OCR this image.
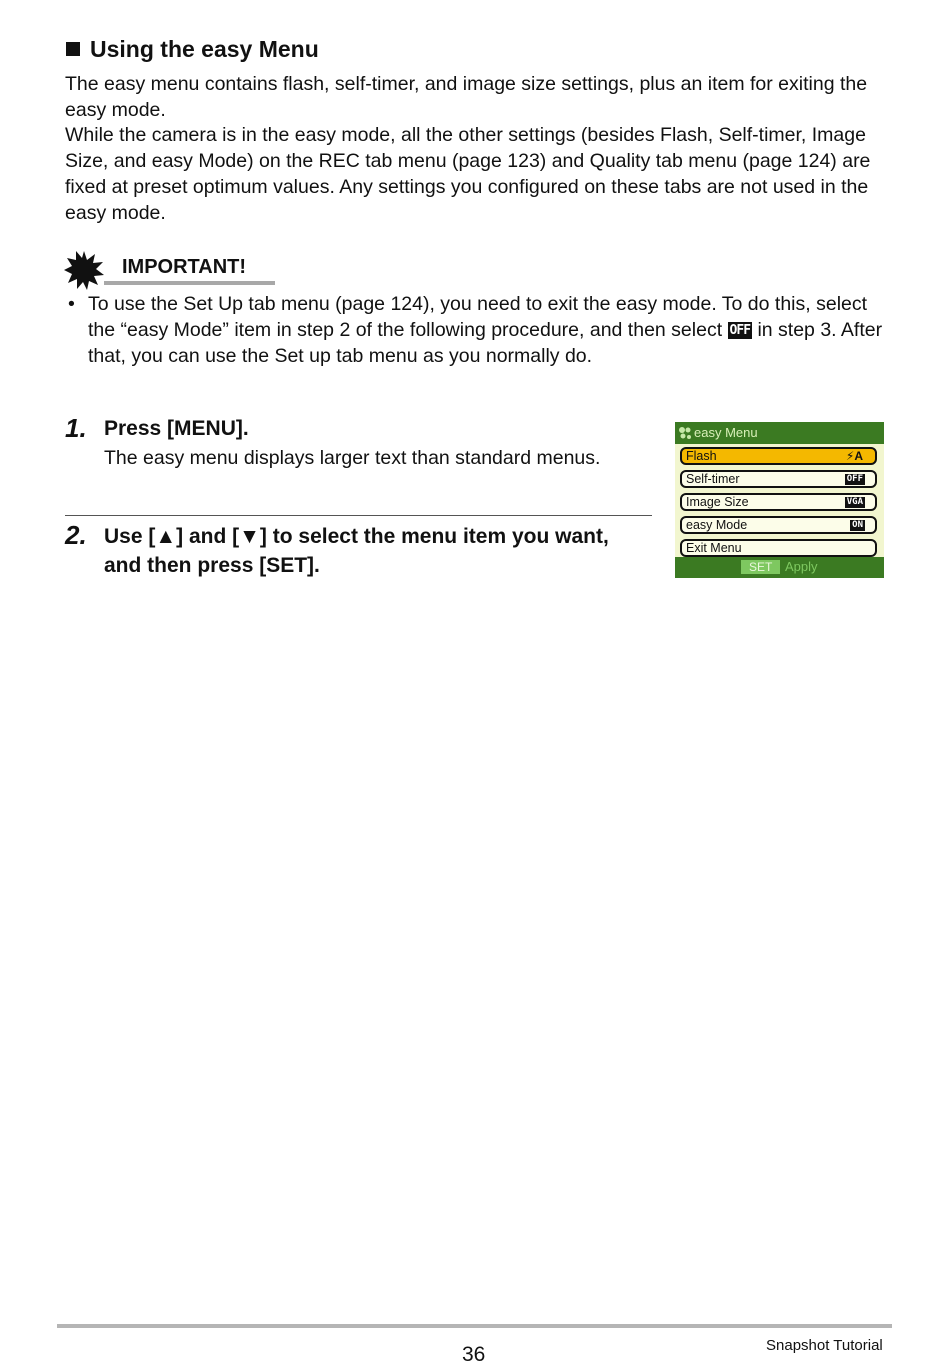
Using the easy Menu
The easy menu contains flash, self-timer, and image size settings, plus an item for exiting the easy mode.
While the camera is in the easy mode, all the other settings (besides Flash, Self-timer, Image Size, and easy Mode) on the REC tab menu (page 123) and Quality tab menu (page 124) are fixed at preset optimum values. Any settings you configured on these tabs are not used in the easy mode.
IMPORTANT!
• To use the Set Up tab menu (page 124), you need to exit the easy mode. To do this, select the “easy Mode” item in step 2 of the following procedure, and then select OFF in step 3. After that, you can use the Set up tab menu as you normally do.
1. Press [MENU].
The easy menu displays larger text than standard menus.
2. Use [▲] and [▼] to select the menu item you want, and then press [SET].
easy Menu
Flash	⚡A
Self-timer	OFF
Image Size	VGA
easy Mode	ON
Exit Menu
SET Apply
36	Snapshot Tutorial
